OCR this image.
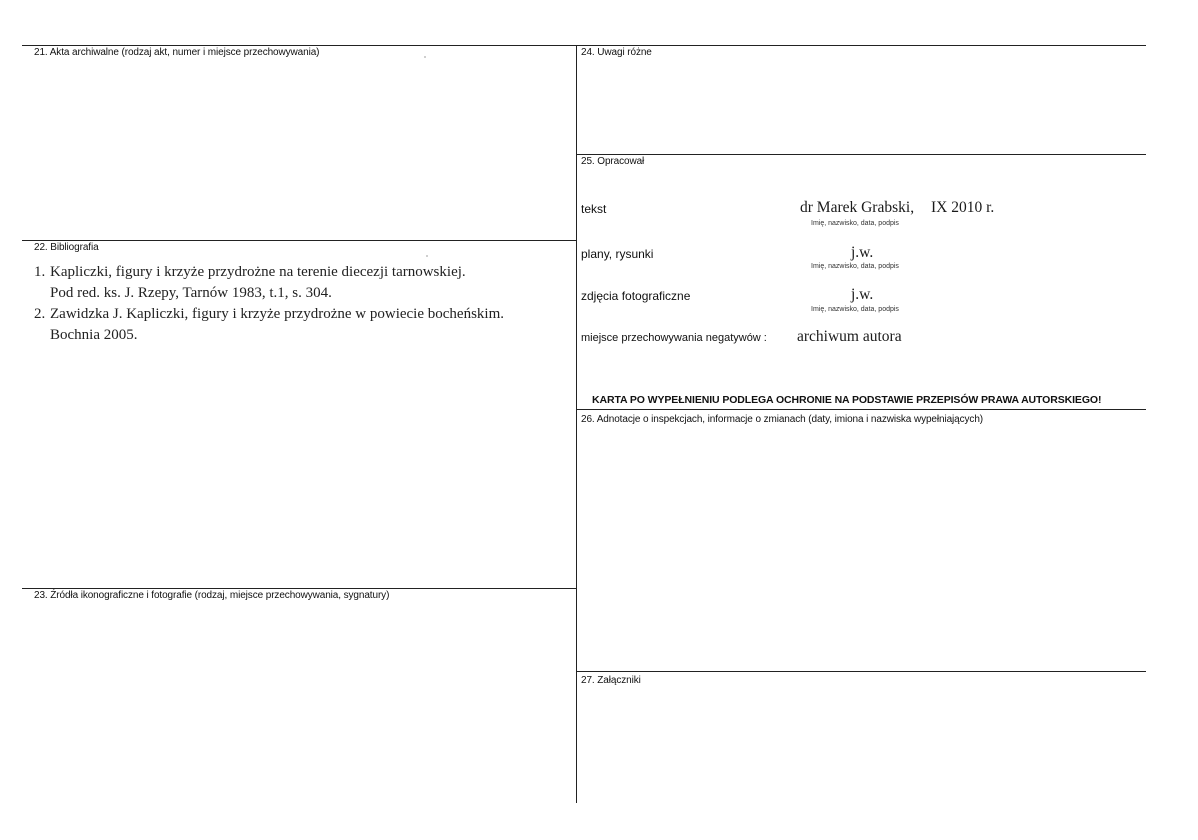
21. Akta archiwalne (rodzaj akt, numer i miejsce przechowywania)
22. Bibliografia
1. Kapliczki, figury i krzyże przydrożne na terenie diecezji tarnowskiej.
Pod red. ks. J. Rzepy, Tarnów 1983, t.1, s. 304.
2. Zawidzka J. Kapliczki, figury i krzyże przydrożne w powiecie bocheńskim.
Bochnia 2005.
23. Źródła ikonograficzne i fotografie (rodzaj, miejsce przechowywania, sygnatury)
24. Uwagi różne
25. Opracował
tekst	dr Marek Grabski, IX 2010 r.
Imię, nazwisko, data, podpis
plany, rysunki	j.w.
Imię, nazwisko, data, podpis
zdjęcia fotograficzne	j.w.
Imię, nazwisko, data, podpis
miejsce przechowywania negatywów : archiwum autora
KARTA PO WYPEŁNIENIU PODLEGA OCHRONIE NA PODSTAWIE PRZEPISÓW PRAWA AUTORSKIEGO!
26. Adnotacje o inspekcjach, informacje o zmianach (daty, imiona i nazwiska wypełniających)
27. Załączniki
